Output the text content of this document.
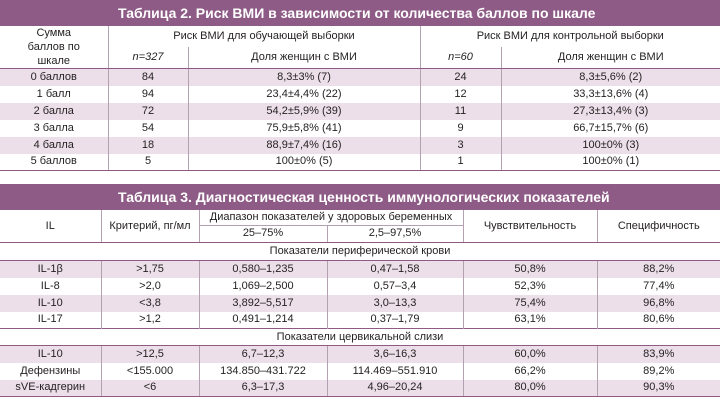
Таблица 2. Риск ВМИ в зависимости от количества баллов по шкале
Сумма баллов по шкале	Риск ВМИ для обучающей выборки		Риск ВМИ для контрольной выборки	
	n=327	Доля женщин с ВМИ	n=60	Доля женщин с ВМИ
0 баллов	84	8,3±3% (7)	24	8,3±5,6% (2)
1 балл	94	23,4±4,4% (22)	12	33,3±13,6% (4)
2 балла	72	54,2±5,9% (39)	11	27,3±13,4% (3)
3 балла	54	75,9±5,8% (41)	9	66,7±15,7% (6)
4 балла	18	88,9±7,4% (16)	3	100±0% (3)
5 баллов	5	100±0% (5)	1	100±0% (1)
Таблица 3. Диагностическая ценность иммунологических показателей
IL	Критерий, пг/мл	Диапазон показателей у здоровых беременных		Чувствительность	Специфичность
		25–75%	2,5–97,5%		
Показатели периферической крови					
IL-1β	>1,75	0,580–1,235	0,47–1,58	50,8%	88,2%
IL-8	>2,0	1,069–2,500	0,57–3,4	52,3%	77,4%
IL-10	<3,8	3,892–5,517	3,0–13,3	75,4%	96,8%
IL-17	>1,2	0,491–1,214	0,37–1,79	63,1%	80,6%
Показатели цервикальной слизи					
IL-10	>12,5	6,7–12,3	3,6–16,3	60,0%	83,9%
Дефензины	<155.000	134.850–431.722	114.469–551.910	66,2%	89,2%
sVE-кадгерин	<6	6,3–17,3	4,96–20,24	80,0%	90,3%
